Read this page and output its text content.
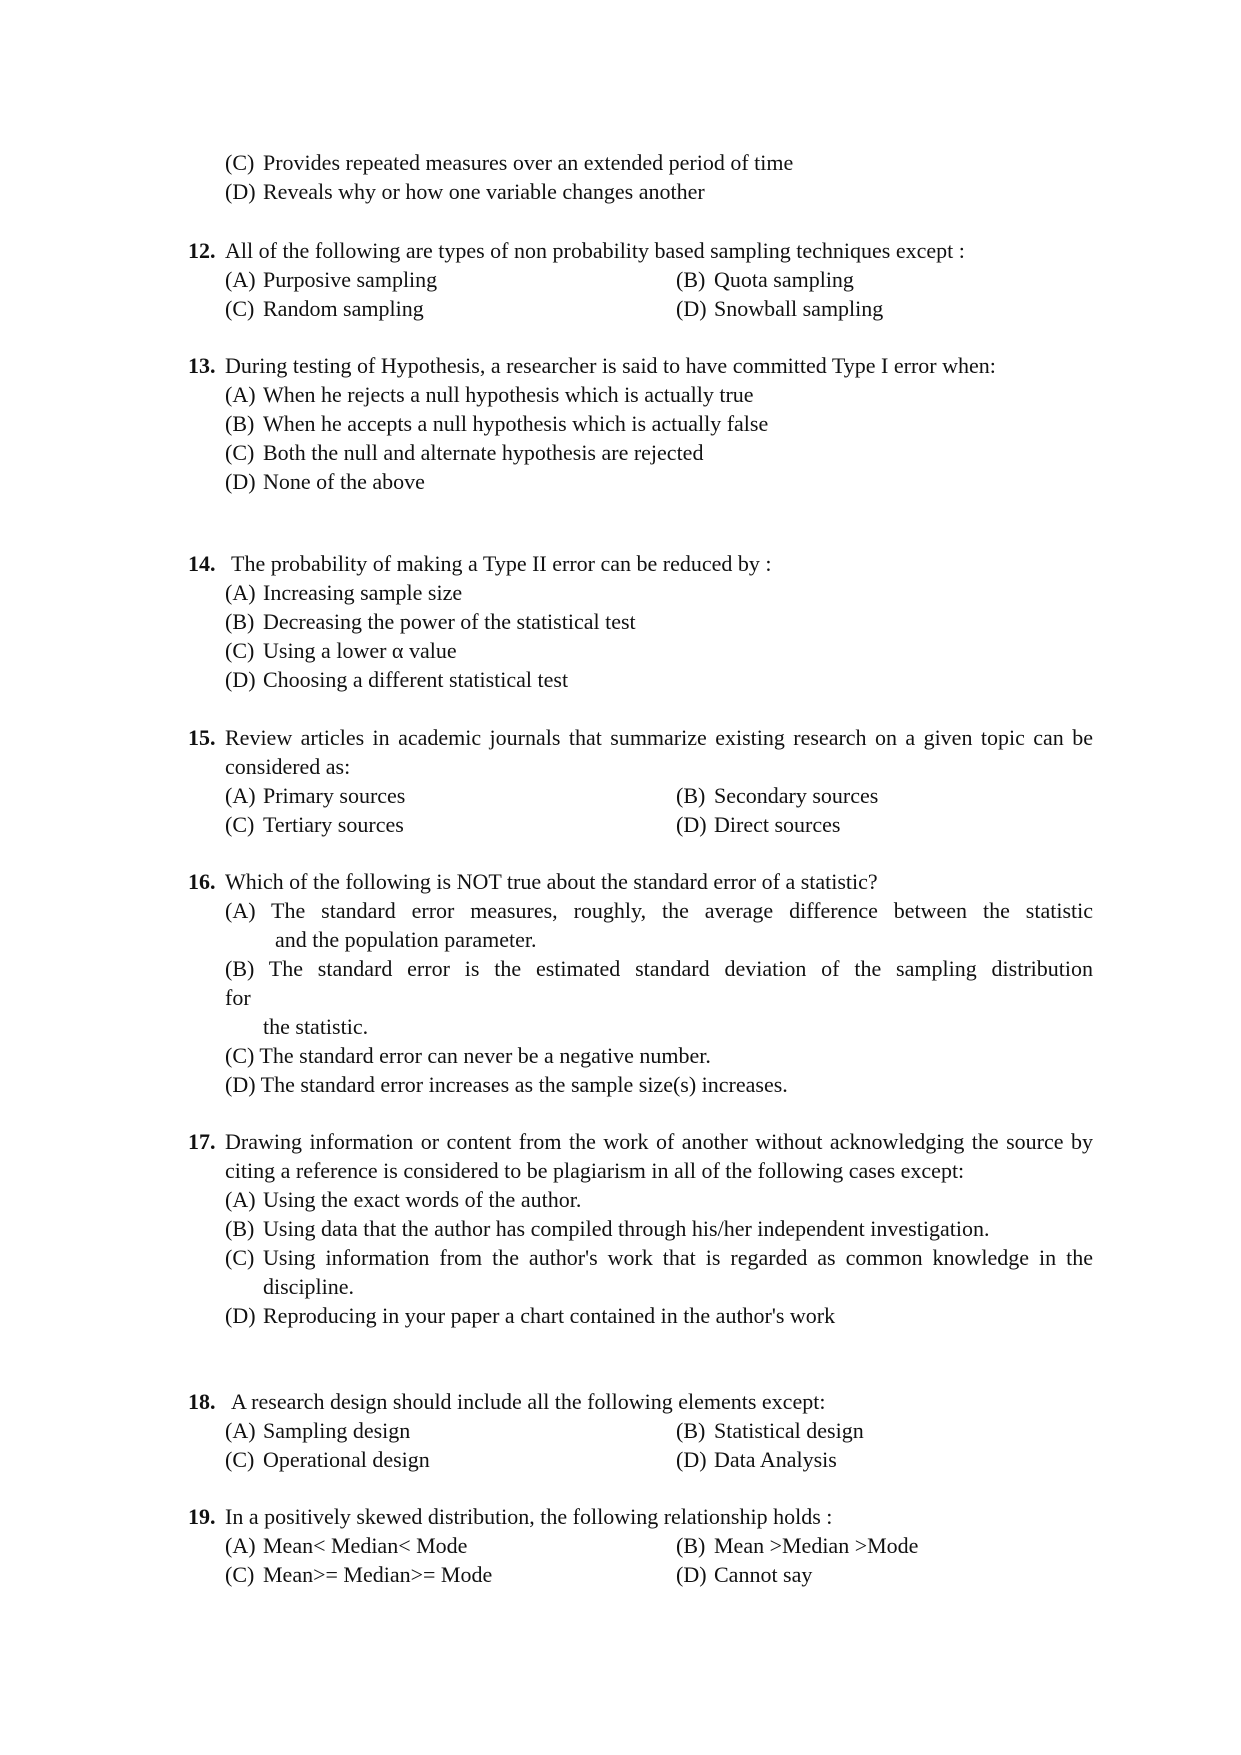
(C) Provides repeated measures over an extended period of time
(D) Reveals why or how one variable changes another
12. All of the following are types of non probability based sampling techniques except :
(A) Purposive sampling	(B) Quota sampling
(C) Random sampling	(D) Snowball sampling
13. During testing of Hypothesis, a researcher is said to have committed Type I error when:
(A) When he rejects a null hypothesis which is actually true
(B) When he accepts a null hypothesis which is actually false
(C) Both the null and alternate hypothesis are rejected
(D) None of the above
14. The probability of making a Type II error can be reduced by :
(A) Increasing sample size
(B) Decreasing the power of the statistical test
(C) Using a lower α value
(D) Choosing a different statistical test
15. Review articles in academic journals that summarize existing research on a given topic can be considered as:
(A) Primary sources	(B) Secondary sources
(C) Tertiary sources	(D) Direct sources
16. Which of the following is NOT true about the standard error of a statistic?
(A) The standard error measures, roughly, the average difference between the statistic
and the population parameter.
(B) The standard error is the estimated standard deviation of the sampling distribution
for
the statistic.
(C) The standard error can never be a negative number.
(D) The standard error increases as the sample size(s) increases.
17. Drawing information or content from the work of another without acknowledging the source by citing a reference is considered to be plagiarism in all of the following cases except:
(A) Using the exact words of the author.
(B) Using data that the author has compiled through his/her independent investigation.
(C) Using information from the author's work that is regarded as common knowledge in the discipline.
(D) Reproducing in your paper a chart contained in the author's work
18. A research design should include all the following elements except:
(A) Sampling design	(B) Statistical design
(C) Operational design	(D) Data Analysis
19. In a positively skewed distribution, the following relationship holds :
(A) Mean< Median< Mode	(B) Mean >Median >Mode
(C) Mean>= Median>= Mode	(D) Cannot say
